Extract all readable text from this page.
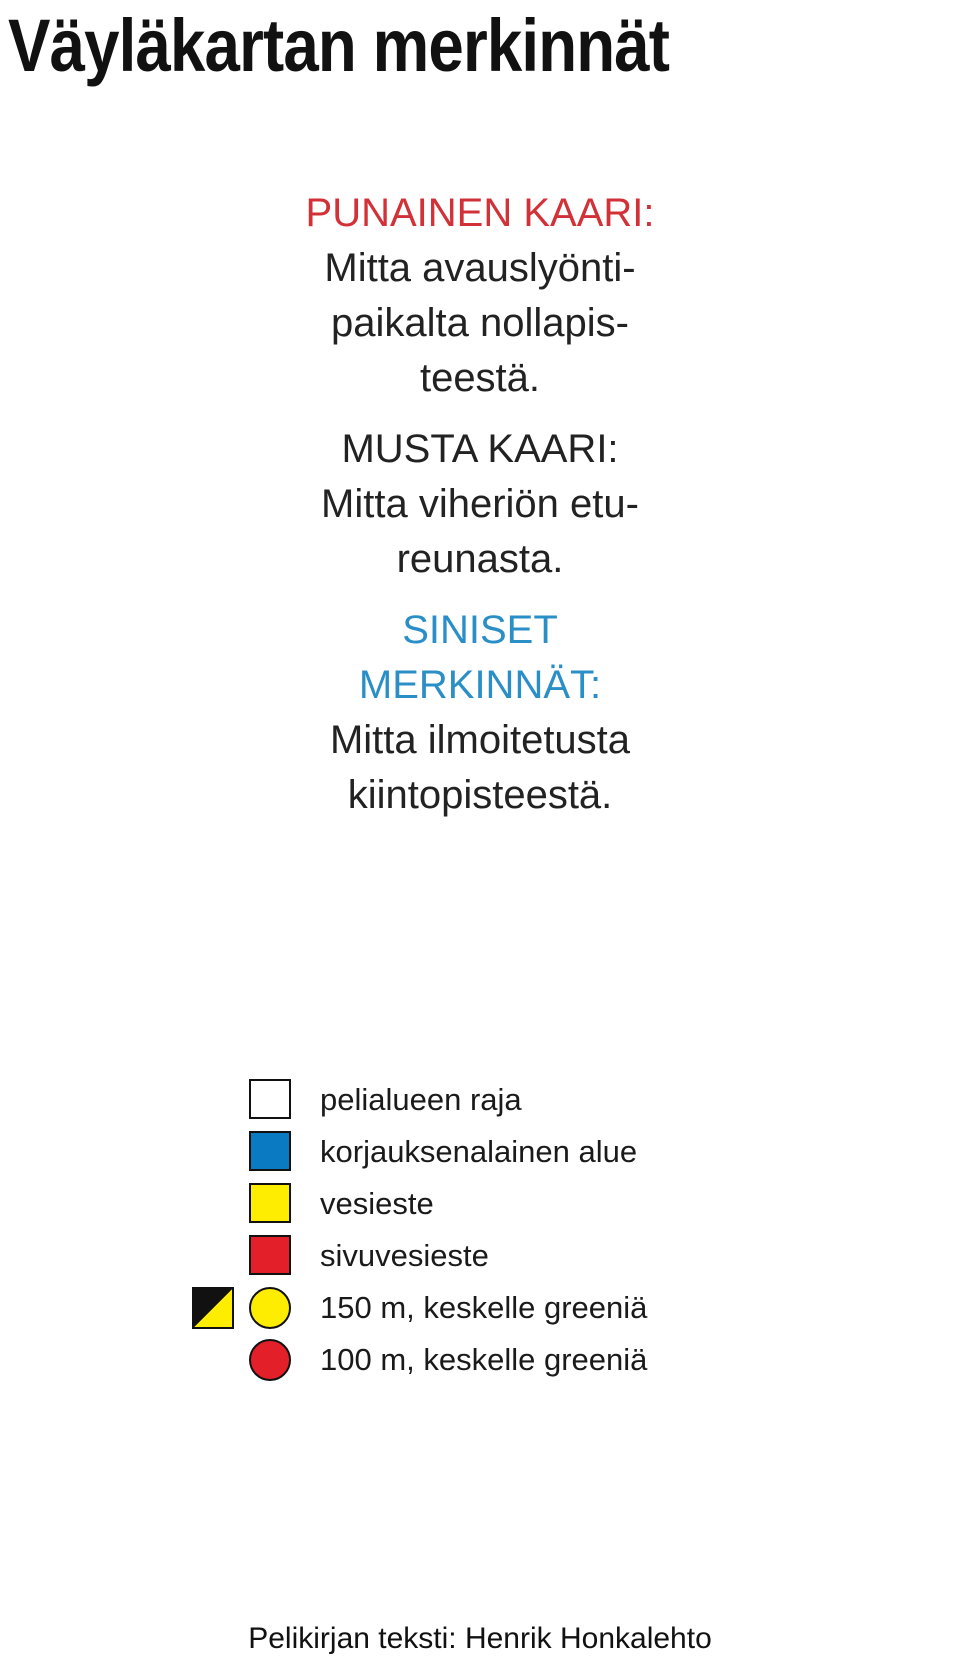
Väyläkartan merkinnät
PUNAINEN KAARI:
Mitta avauslyönti-
paikalta nollapis-
teestä.
MUSTA KAARI:
Mitta viheriön etu-
reunasta.
SINISET
MERKINNÄT:
Mitta ilmoitetusta
kiintopisteestä.
pelialueen raja
korjauksenalainen alue
vesieste
sivuvesieste
150 m, keskelle greeniä
100 m, keskelle greeniä
Pelikirjan teksti: Henrik Honkalehto
